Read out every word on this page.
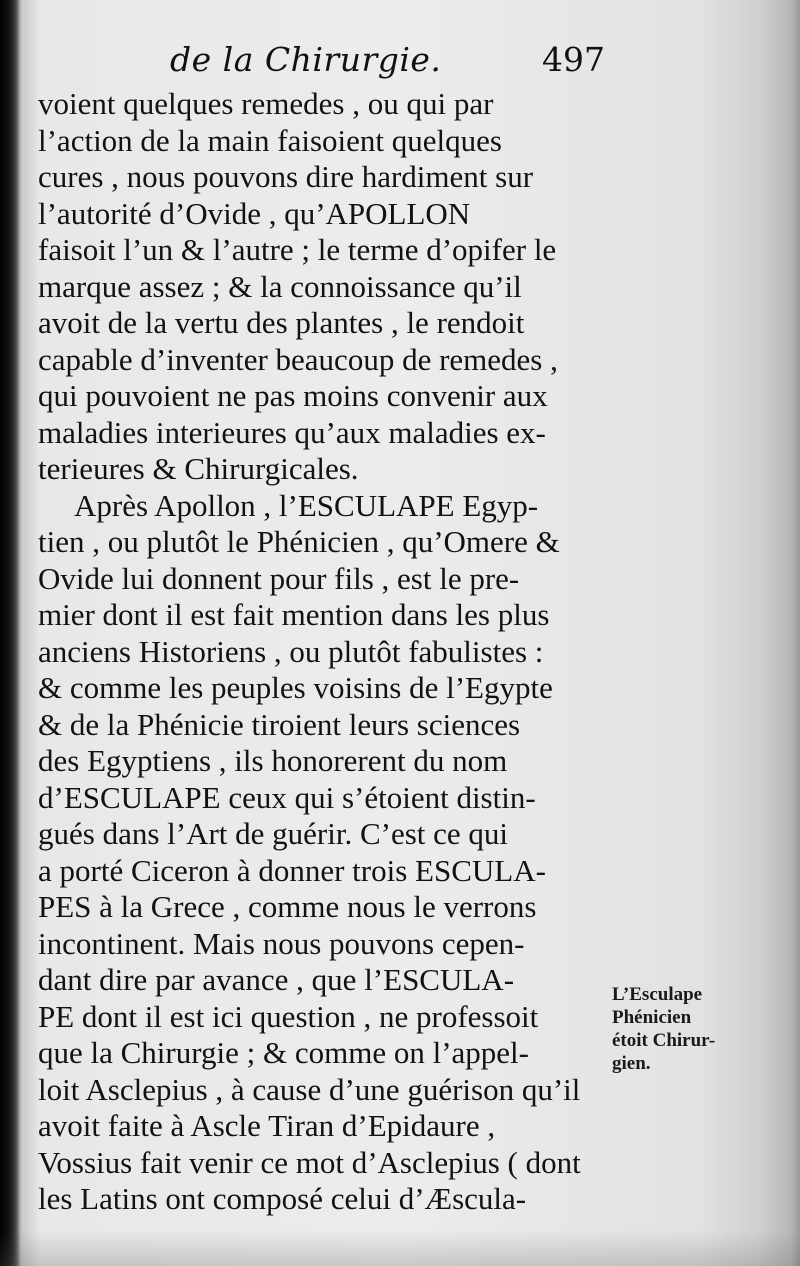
de la Chirurgie.	497
voient quelques remedes , ou qui par
l’action de la main faisoient quelques
cures , nous pouvons dire hardiment sur
l’autorité d’Ovide , qu’APOLLON
faisoit l’un & l’autre ; le terme d’opifer le
marque assez ; & la connoissance qu’il
avoit de la vertu des plantes , le rendoit
capable d’inventer beaucoup de remedes ,
qui pouvoient ne pas moins convenir aux
maladies interieures qu’aux maladies ex-
terieures & Chirurgicales.
Après Apollon , l’ESCULAPE Egyp-
tien , ou plutôt le Phénicien , qu’Omere &
Ovide lui donnent pour fils , est le pre-
mier dont il est fait mention dans les plus
anciens Historiens , ou plutôt fabulistes :
& comme les peuples voisins de l’Egypte
& de la Phénicie tiroient leurs sciences
des Egyptiens , ils honorerent du nom
d’ESCULAPE ceux qui s’étoient distin-
gués dans l’Art de guérir. C’est ce qui
a porté Ciceron à donner trois ESCULA-
PES à la Grece , comme nous le verrons
incontinent. Mais nous pouvons cepen-
dant dire par avance , que l’ESCULA-
PE dont il est ici question , ne professoit
que la Chirurgie ; & comme on l’appel-
loit Asclepius , à cause d’une guérison qu’il
avoit faite à Ascle Tiran d’Epidaure ,
Vossius fait venir ce mot d’Asclepius ( dont
les Latins ont composé celui d’Æscula-
L’Esculape
Phénicien
étoit Chirur-
gien.
